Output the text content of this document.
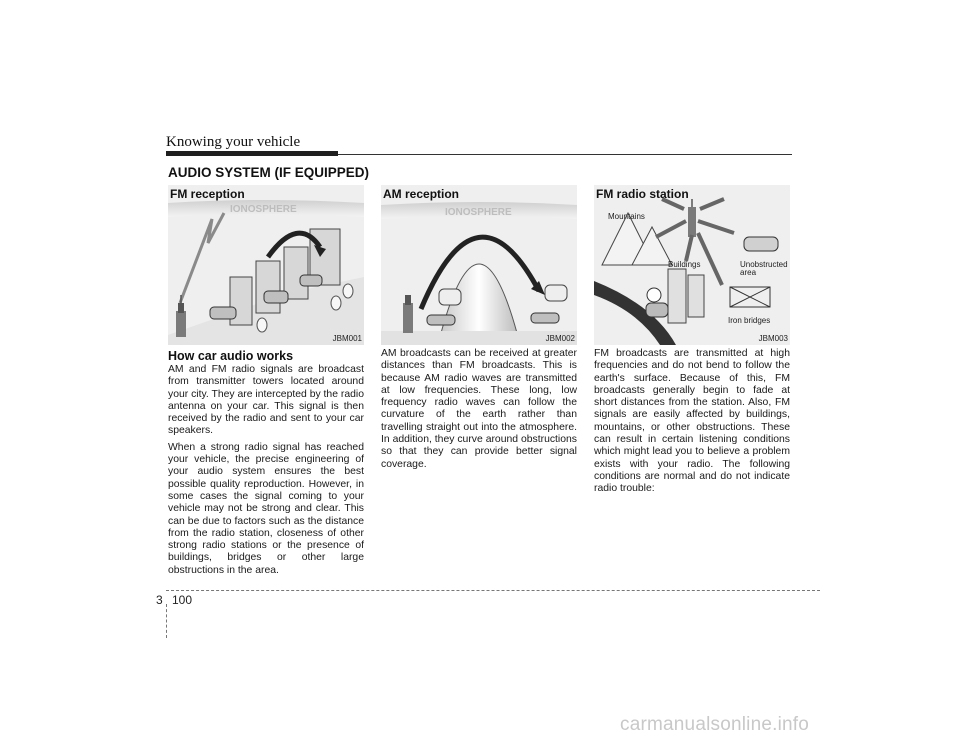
Knowing your vehicle
AUDIO SYSTEM (IF EQUIPPED)
IONOSPHERE
FM reception
JBM001
How car audio works

AM and FM radio signals are broadcast from transmitter towers located around your city. They are intercepted by the radio antenna on your car. This signal is then received by the radio and sent to your car speakers.

When a strong radio signal has reached your vehicle, the precise engineering of your audio system ensures the best possible quality reproduction. However, in some cases the signal coming to your vehicle may not be strong and clear. This can be due to factors such as the distance from the radio station, closeness of other strong radio stations or the presence of buildings, bridges or other large obstructions in the area.

IONOSPHERE
AM reception
JBM002

AM broadcasts can be received at greater distances than FM broadcasts. This is because AM radio waves are transmitted at low frequencies. These long, low frequency radio waves can follow the curvature of the earth rather than travelling straight out into the atmosphere. In addition, they curve around obstructions so that they can provide better signal coverage.

Mountains
Buildings	Unobstructed
area
Iron bridges
FM radio station
JBM003

FM broadcasts are transmitted at high frequencies and do not bend to follow the earth's surface. Because of this, FM broadcasts generally begin to fade at short distances from the station. Also, FM signals are easily affected by buildings, mountains, or other obstructions. These can result in certain listening conditions which might lead you to believe a problem exists with your radio. The following conditions are normal and do not indicate radio trouble:

3 100
carmanualsonline.info
